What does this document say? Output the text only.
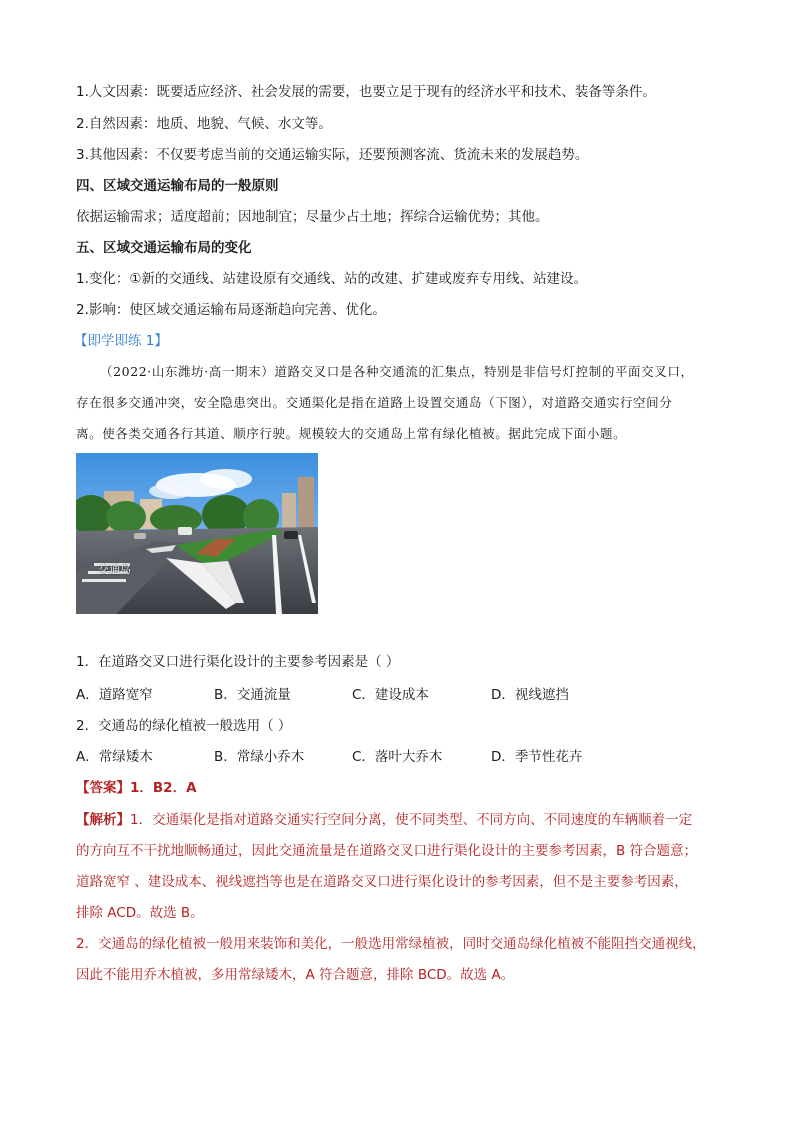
1.人文因素：既要适应经济、社会发展的需要，也要立足于现有的经济水平和技术、装备等条件。
2.自然因素：地质、地貌、气候、水文等。
3.其他因素：不仅要考虑当前的交通运输实际，还要预测客流、货流未来的发展趋势。
四、区域交通运输布局的一般原则
依据运输需求；适度超前；因地制宜；尽量少占土地；挥综合运输优势；其他。
五、区域交通运输布局的变化
1.变化：①新的交通线、站建设原有交通线、站的改建、扩建或废弃专用线、站建设。
2.影响：使区域交通运输布局逐渐趋向完善、优化。
【即学即练 1】
（2022·山东潍坊·高一期末）道路交叉口是各种交通流的汇集点，特别是非信号灯控制的平面交叉口，
存在很多交通冲突，安全隐患突出。交通渠化是指在道路上设置交通岛（下图），对道路交通实行空间分
离。使各类交通各行其道、顺序行驶。规模较大的交通岛上常有绿化植被。据此完成下面小题。
交通岛
1．在道路交叉口进行渠化设计的主要参考因素是（ ）
A．道路宽窄	B．交通流量	C．建设成本	D．视线遮挡
2．交通岛的绿化植被一般选用（ ）
A．常绿矮木	B．常绿小乔木	C．落叶大乔木	D．季节性花卉
【答案】1．B2．A
【解析】1．交通渠化是指对道路交通实行空间分离，使不同类型、不同方向、不同速度的车辆顺着一定
的方向互不干扰地顺畅通过，因此交通流量是在道路交叉口进行渠化设计的主要参考因素，B 符合题意；
道路宽窄 、建设成本、视线遮挡等也是在道路交叉口进行渠化设计的参考因素，但不是主要参考因素，
排除 ACD。故选 B。
2．交通岛的绿化植被一般用来装饰和美化，一般选用常绿植被，同时交通岛绿化植被不能阻挡交通视线，
因此不能用乔木植被，多用常绿矮木，A 符合题意，排除 BCD。故选 A。
